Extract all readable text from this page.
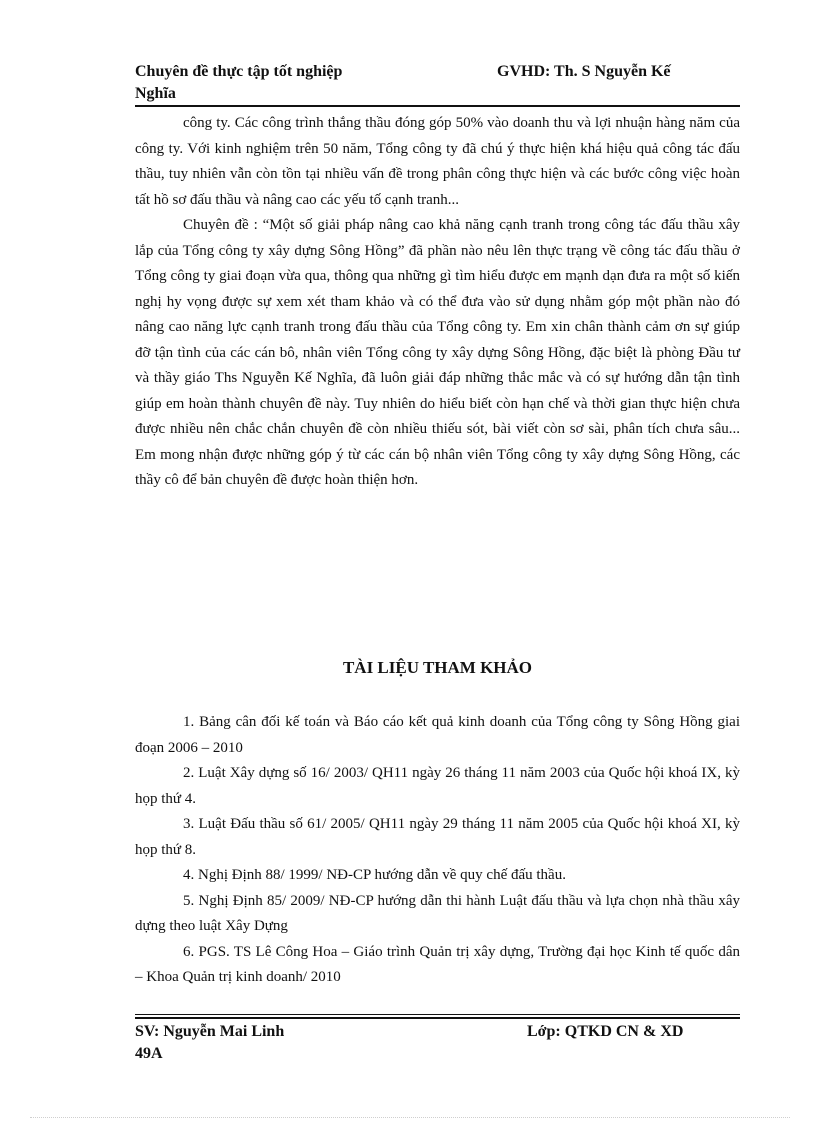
Chuyên đề thực tập tốt nghiệp	GVHD: Th. S Nguyễn Kế
Nghĩa

công ty. Các công trình thắng thầu đóng góp 50% vào doanh thu và lợi nhuận hàng năm của công ty. Với kinh nghiệm trên 50 năm, Tổng công ty đã chú ý thực hiện khá hiệu quả công tác đấu thầu, tuy nhiên vẫn còn tồn tại nhiều vấn đề trong phân công thực hiện và các bước công việc hoàn tất hồ sơ đấu thầu và nâng cao các yếu tố cạnh tranh...

Chuyên đề : “Một số giải pháp nâng cao khả năng cạnh tranh trong công tác đấu thầu xây lắp của Tổng công ty xây dựng Sông Hồng” đã phần nào nêu lên thực trạng về công tác đấu thầu ở Tổng công ty giai đoạn vừa qua, thông qua những gì tìm hiểu được em mạnh dạn đưa ra một số kiến nghị hy vọng được sự xem xét tham khảo và có thể đưa vào sử dụng nhằm góp một phần nào đó nâng cao năng lực cạnh tranh trong đấu thầu của Tổng công ty. Em xin chân thành cảm ơn sự giúp đỡ tận tình của các cán bô, nhân viên Tổng công ty xây dựng Sông Hồng, đặc biệt là phòng Đầu tư và thầy giáo Ths Nguyễn Kế Nghĩa, đã luôn giải đáp những thắc mắc và có sự hướng dẫn tận tình giúp em hoàn thành chuyên đề này. Tuy nhiên do hiểu biết còn hạn chế và thời gian thực hiện chưa được nhiều nên chắc chắn chuyên đề còn nhiều thiếu sót, bài viết còn sơ sài, phân tích chưa sâu... Em mong nhận được những góp ý từ các cán bộ nhân viên Tổng công ty xây dựng Sông Hồng, các thầy cô để bản chuyên đề được hoàn thiện hơn.

TÀI LIỆU THAM KHẢO

1. Bảng cân đối kế toán và Báo cáo kết quả kinh doanh của Tổng công ty Sông Hồng giai đoạn 2006 – 2010

2. Luật Xây dựng số 16/ 2003/ QH11 ngày 26 tháng 11 năm 2003 của Quốc hội khoá IX, kỳ họp thứ 4.

3. Luật Đấu thầu số 61/ 2005/ QH11 ngày 29 tháng 11 năm 2005 của Quốc hội khoá XI, kỳ họp thứ 8.

4. Nghị Định 88/ 1999/ NĐ-CP hướng dẫn về quy chế đấu thầu.

5. Nghị Định 85/ 2009/ NĐ-CP hướng dẫn thi hành Luật đấu thầu và lựa chọn nhà thầu xây dựng theo luật Xây Dựng

6. PGS. TS Lê Công Hoa – Giáo trình Quản trị xây dựng, Trường đại học Kinh tế quốc dân – Khoa Quản trị kinh doanh/ 2010

SV: Nguyễn Mai Linh	Lớp: QTKD CN & XD
49A
